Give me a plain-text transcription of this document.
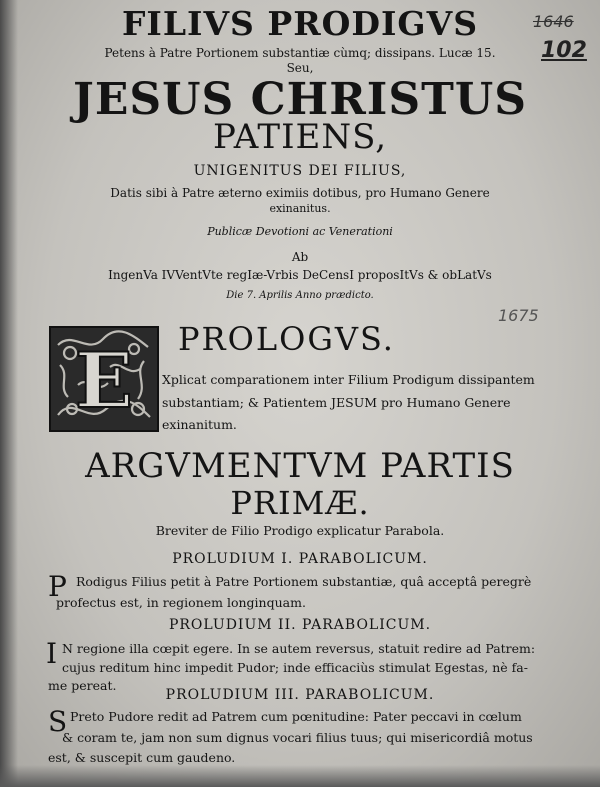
FILIVS PRODIGVS
Petens à Patre Portionem substantiæ cùmq; dissipans. Lucæ 15.
Seu,
JESUS CHRISTUS
PATIENS,
UNIGENITUS DEI FILIUS,
Datis sibi à Patre æterno eximiis dotibus, pro Humano Genere
exinanitus.
Publicæ Devotioni ac Venerationi
Ab
IngenVa IVVentVte regIæ-Vrbis DeCensI proposItVs & obLatVs
Die 7. Aprilis Anno prædicto.
1646
102
1675
E PROLOGVS.
Xplicat comparationem inter Filium Prodigum dissipantem
substantiam; & Patientem JESUM pro Humano Genere
exinanitum.
ARGVMENTVM PARTIS
PRIMÆ.
Breviter de Filio Prodigo explicatur Parabola.
PROLUDIUM I. PARABOLICUM.
P Rodigus Filius petit à Patre Portionem substantiæ, quâ acceptâ peregrè
profectus est, in regionem longinquam.
PROLUDIUM II. PARABOLICUM.
I N regione illa cœpit egere. In se autem reversus, statuit redire ad Patrem:
cujus reditum hinc impedit Pudor; inde efficaciùs stimulat Egestas, nè fa-
me pereat.
PROLUDIUM III. PARABOLICUM.
S Preto Pudore redit ad Patrem cum pœnitudine: Pater peccavi in cœlum
& coram te, jam non sum dignus vocari filius tuus; qui misericordiâ motus
est, & suscepit cum gaudeno.
